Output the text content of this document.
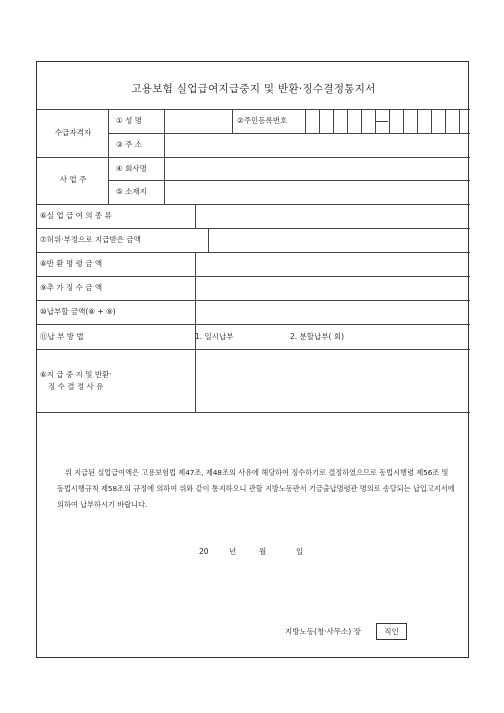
고용보험 실업급여지급중지 및 반환·징수결정통지서
수급자격자
① 성 명	②주민등록번호
③ 주 소
사 업 주
④ 회사명
⑤ 소재지
⑥실 업 급 여 의 종 류
⑦허위·부정으로 지급받은 금액
⑧반 환 명 령 금 액
⑨추 가 징 수 금 액
⑩납부할 금액(⑧ + ⑨)
⑪납 부 방 법	1. 일시납부	2. 분할납부( 회)
⑥지 급 중 지 및 반환·
징 수 결 정 사 유
위 지급된 실업급여액은 고용보험법 제47조, 제48조의 사유에 해당하여 징수하기로 결정하였으므로 동법시행령 제56조 및 동법시행규칙 제58조의 규정에 의하여 위와 같이 통지하오니 관할 지방노동관서 기금출납명령관 명의로 송달되는 납입고지서에 의하여 납부하시기 바랍니다.
20	년	월	일
지방노동(청·사무소) 장	직인
